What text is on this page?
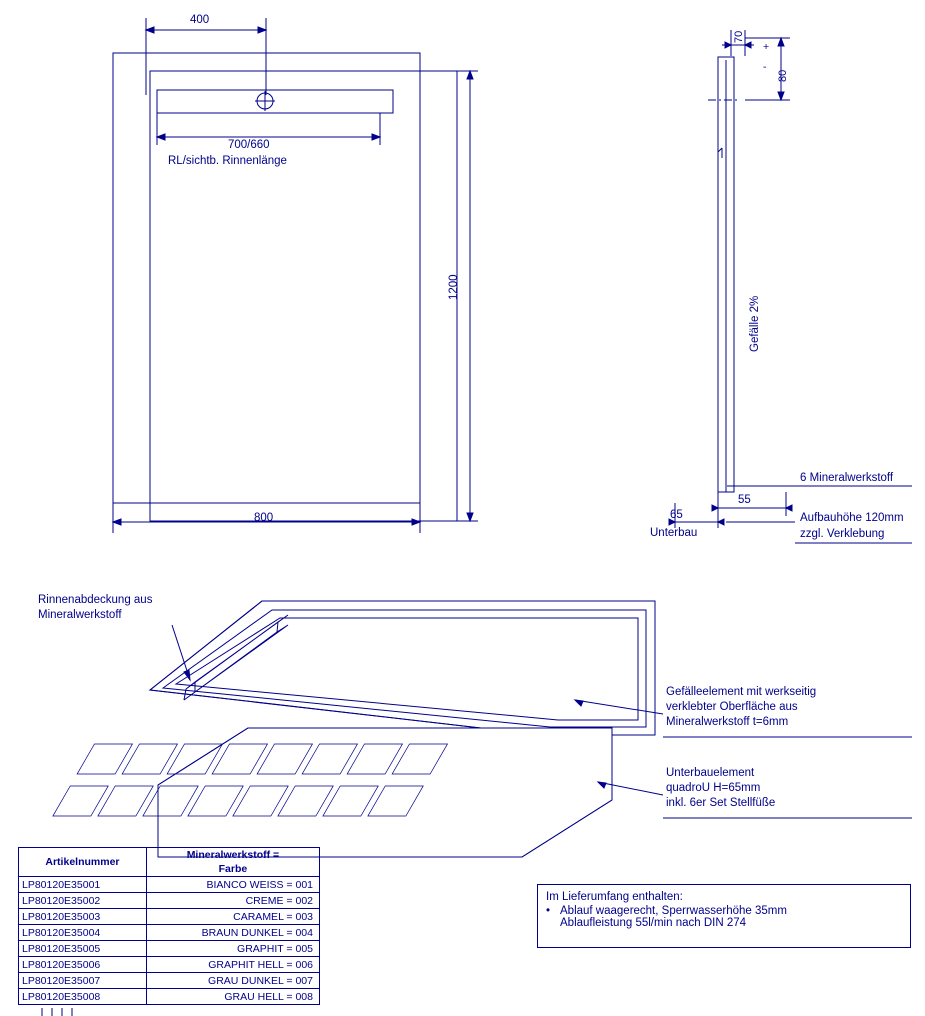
400
700/660
RL/sichtb. Rinnenlänge
1200
800
70
80
+
-
Gefälle 2%
6 Mineralwerkstoff
55
65
Unterbau
Aufbauhöhe 120mm
zzgl. Verklebung
Rinnenabdeckung aus
Mineralwerkstoff
Gefälleelement mit werkseitig
verklebter Oberfläche aus
Mineralwerkstoff t=6mm
Unterbauelement
quadroU H=65mm
inkl. 6er Set Stellfüße
Artikelnummer	Mineralwerkstoff =
Farbe

LP80120E35001	BIANCO WEISS = 001
LP80120E35002	CREME = 002
LP80120E35003	CARAMEL = 003
LP80120E35004	BRAUN DUNKEL = 004
LP80120E35005	GRAPHIT = 005
LP80120E35006	GRAPHIT HELL = 006
LP80120E35007	GRAU DUNKEL = 007
LP80120E35008	GRAU HELL = 008
Im Lieferumfang enthalten:
• Ablauf waagerecht, Sperrwasserhöhe 35mm
Ablaufleistung 55l/min nach DIN 274
